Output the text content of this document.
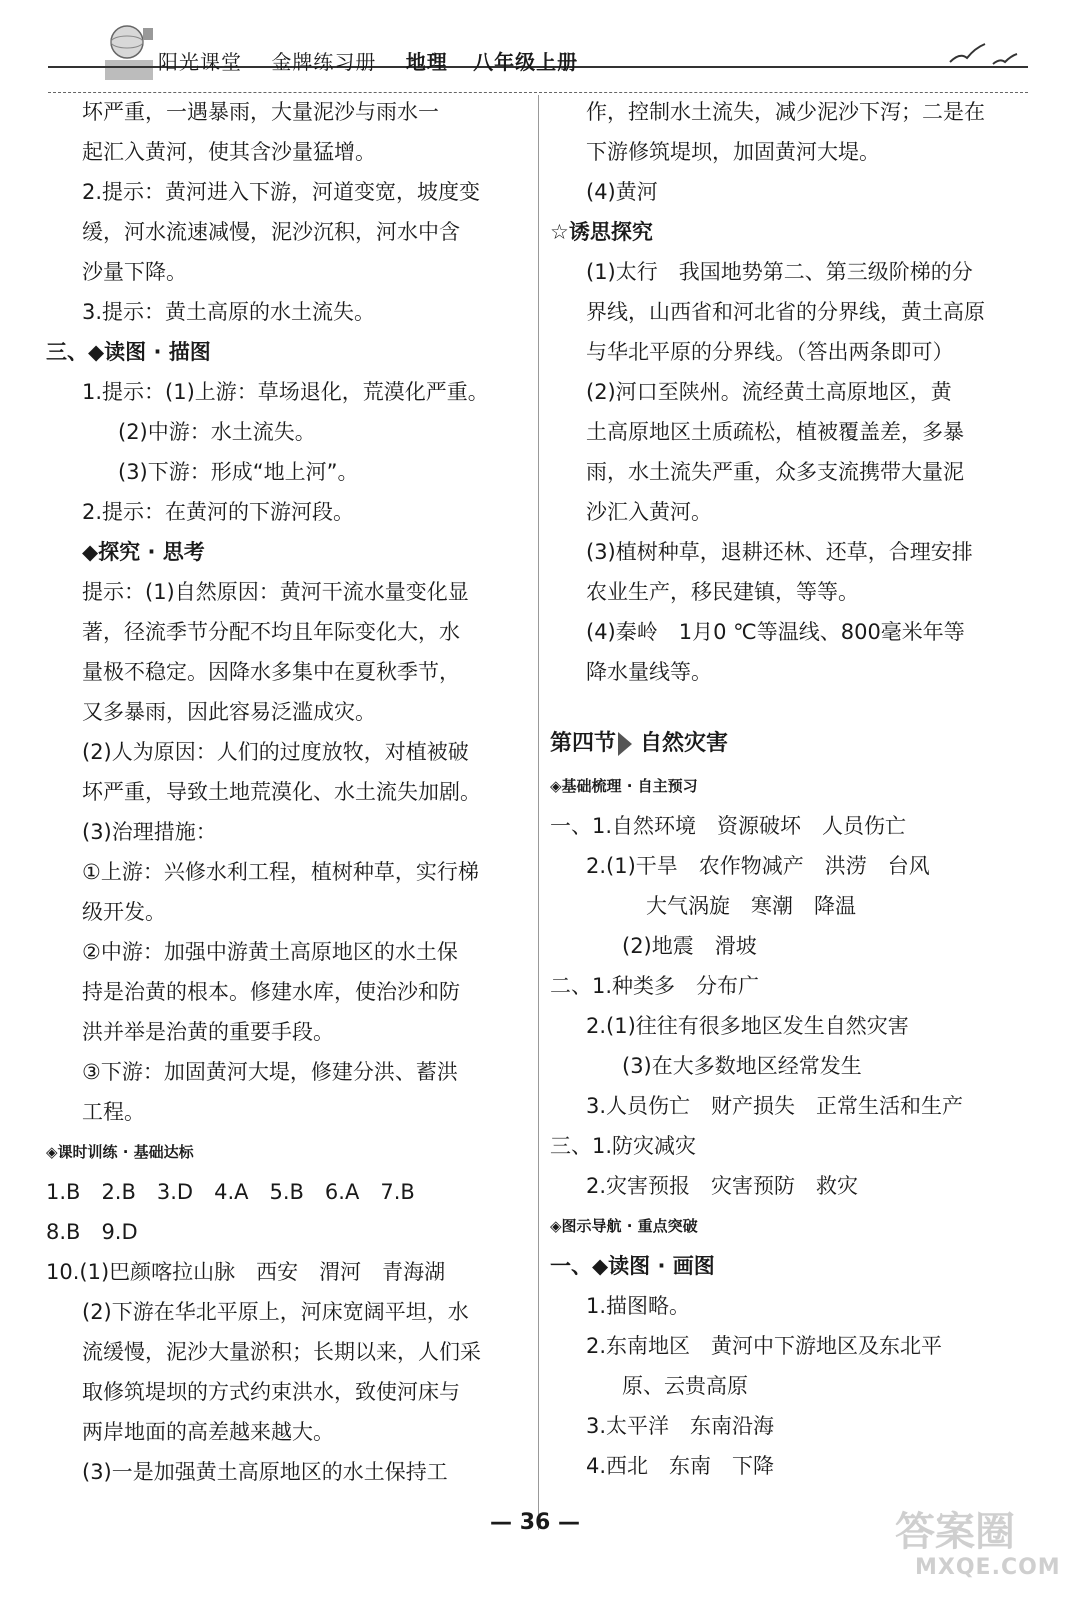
阳光课堂 金牌练习册 地理 八年级上册
坏严重，一遇暴雨，大量泥沙与雨水一
起汇入黄河，使其含沙量猛增。
2.提示：黄河进入下游，河道变宽，坡度变
缓，河水流速减慢，泥沙沉积，河水中含
沙量下降。
3.提示：黄土高原的水土流失。
三、◆读图 · 描图
1.提示：(1)上游：草场退化，荒漠化严重。
(2)中游：水土流失。
(3)下游：形成“地上河”。
2.提示：在黄河的下游河段。
◆探究 · 思考
提示：(1)自然原因：黄河干流水量变化显
著，径流季节分配不均且年际变化大，水
量极不稳定。因降水多集中在夏秋季节，
又多暴雨，因此容易泛滥成灾。
(2)人为原因：人们的过度放牧，对植被破
坏严重，导致土地荒漠化、水土流失加剧。
(3)治理措施：
①上游：兴修水利工程，植树种草，实行梯
级开发。
②中游：加强中游黄土高原地区的水土保
持是治黄的根本。修建水库，使治沙和防
洪并举是治黄的重要手段。
③下游：加固黄河大堤，修建分洪、蓄洪
工程。
◈课时训练 · 基础达标
1.B　2.B　3.D　4.A　5.B　6.A　7.B
8.B　9.D
10.(1)巴颜喀拉山脉　西安　渭河　青海湖
(2)下游在华北平原上，河床宽阔平坦，水
流缓慢，泥沙大量淤积；长期以来，人们采
取修筑堤坝的方式约束洪水，致使河床与
两岸地面的高差越来越大。
(3)一是加强黄土高原地区的水土保持工
作，控制水土流失，减少泥沙下泻；二是在
下游修筑堤坝，加固黄河大堤。
(4)黄河
☆诱思探究
(1)太行　我国地势第二、第三级阶梯的分
界线，山西省和河北省的分界线，黄土高原
与华北平原的分界线。（答出两条即可）
(2)河口至陕州。流经黄土高原地区，黄
土高原地区土质疏松，植被覆盖差，多暴
雨，水土流失严重，众多支流携带大量泥
沙汇入黄河。
(3)植树种草，退耕还林、还草，合理安排
农业生产，移民建镇，等等。
(4)秦岭　1月0 ℃等温线、800毫米年等
降水量线等。
第四节 自然灾害
◈基础梳理 · 自主预习
一、1.自然环境　资源破坏　人员伤亡
2.(1)干旱　农作物减产　洪涝　台风
大气涡旋　寒潮　降温
(2)地震　滑坡
二、1.种类多　分布广
2.(1)往往有很多地区发生自然灾害
(3)在大多数地区经常发生
3.人员伤亡　财产损失　正常生活和生产
三、1.防灾减灾
2.灾害预报　灾害预防　救灾
◈图示导航 · 重点突破
一、◆读图 · 画图
1.描图略。
2.东南地区　黄河中下游地区及东北平
原、云贵高原
3.太平洋　东南沿海
4.西北　东南　下降
— 36 —	答案圈
MXQE.COM
